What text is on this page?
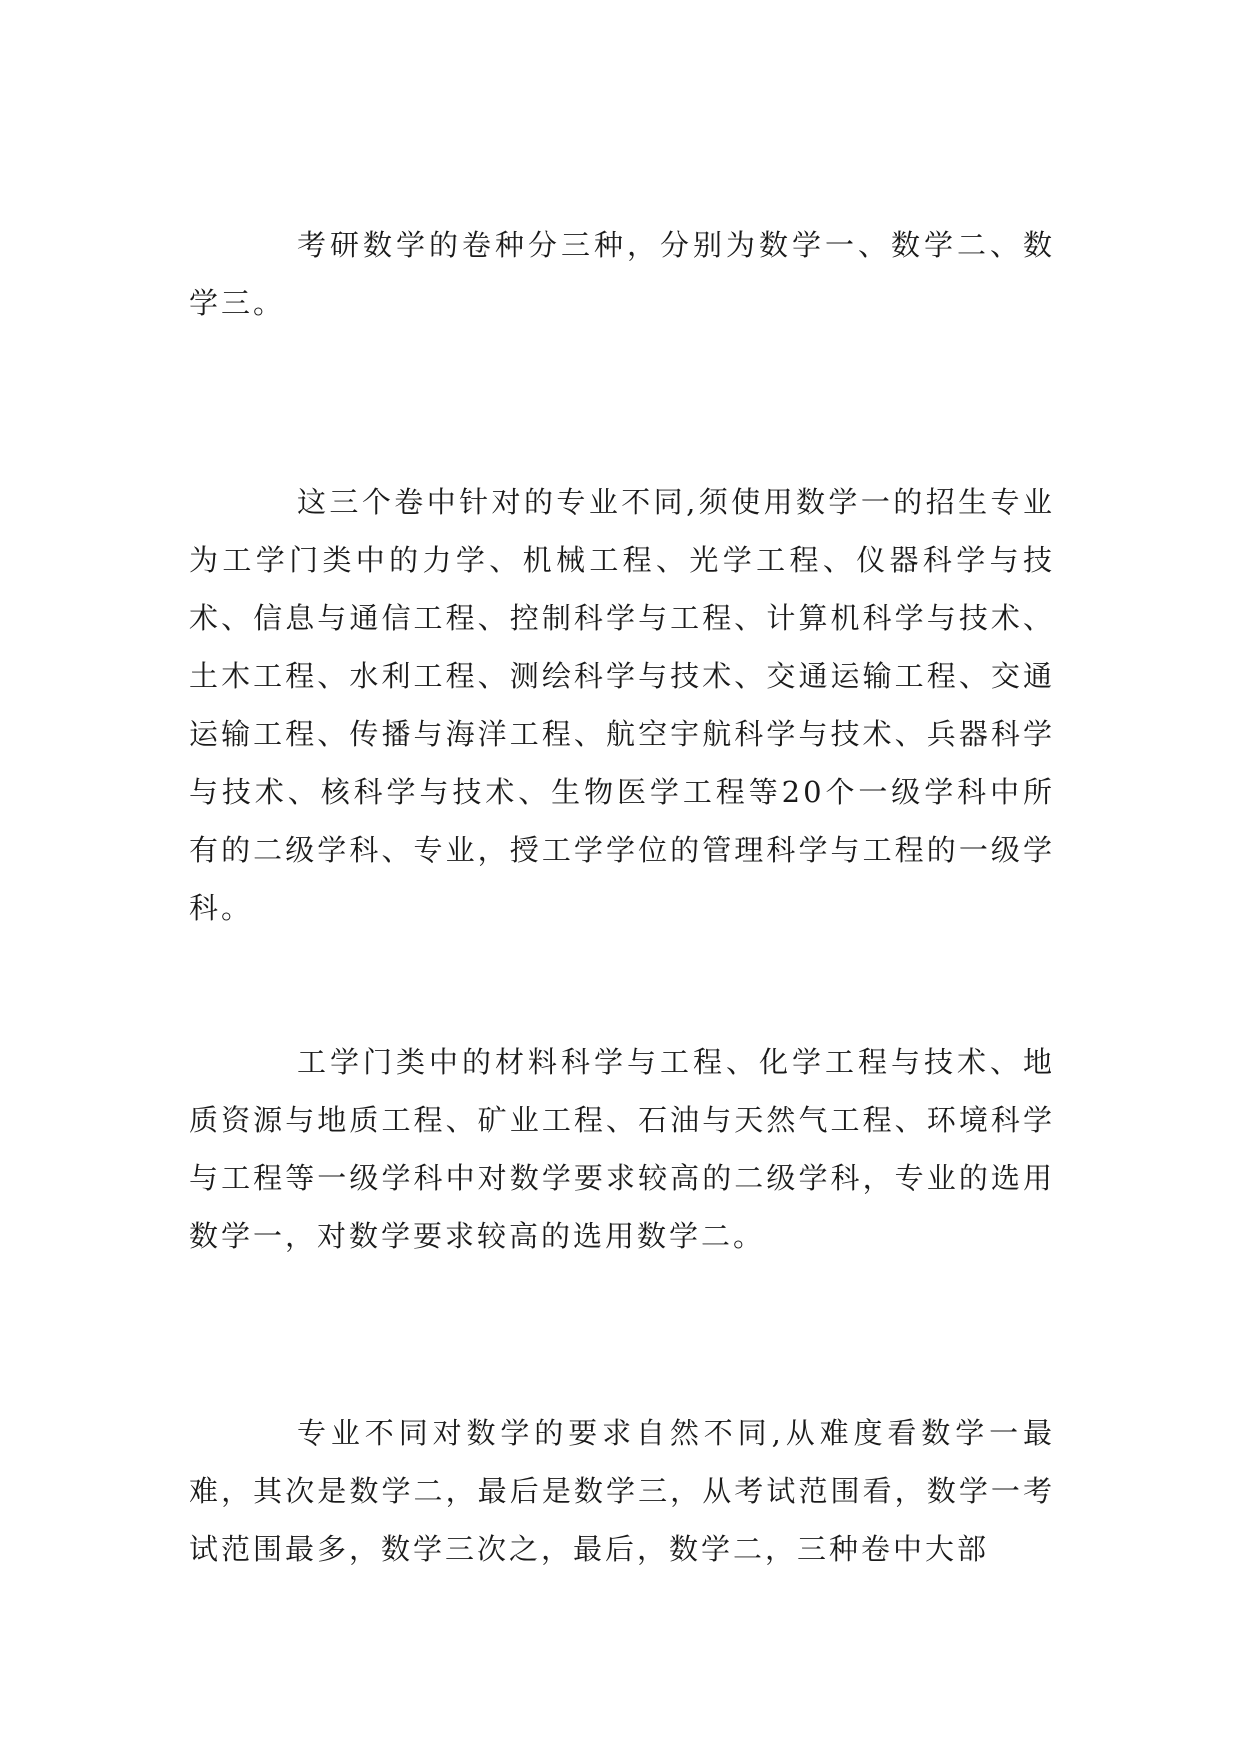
考研数学的卷种分三种，分别为数学一、数学二、数学三。

这三个卷中针对的专业不同,须使用数学一的招生专业为工学门类中的力学、机械工程、光学工程、仪器科学与技术、信息与通信工程、控制科学与工程、计算机科学与技术、土木工程、水利工程、测绘科学与技术、交通运输工程、交通运输工程、传播与海洋工程、航空宇航科学与技术、兵器科学与技术、核科学与技术、生物医学工程等20个一级学科中所有的二级学科、专业，授工学学位的管理科学与工程的一级学科。

工学门类中的材料科学与工程、化学工程与技术、地质资源与地质工程、矿业工程、石油与天然气工程、环境科学与工程等一级学科中对数学要求较高的二级学科，专业的选用数学一，对数学要求较高的选用数学二。

专业不同对数学的要求自然不同,从难度看数学一最难，其次是数学二，最后是数学三，从考试范围看，数学一考试范围最多，数学三次之，最后，数学二，三种卷中大部
